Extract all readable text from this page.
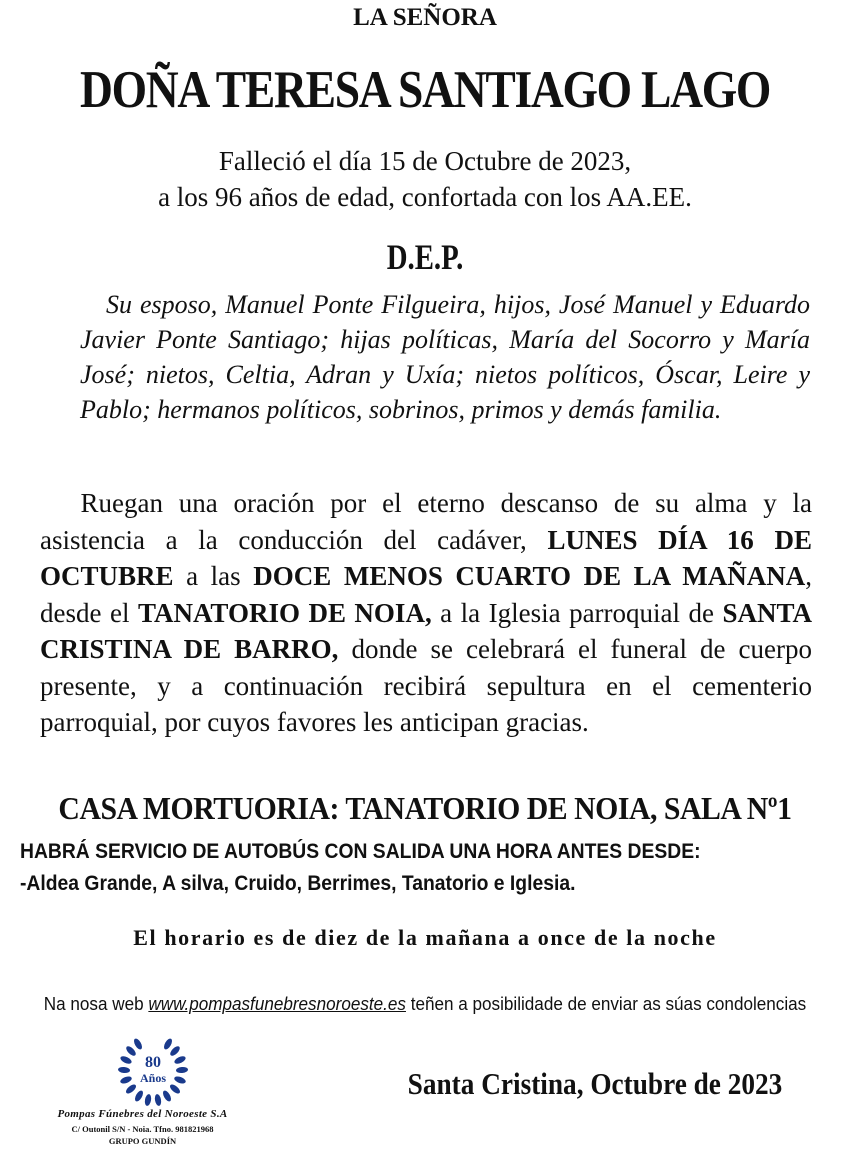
LA SEÑORA
DOÑA TERESA SANTIAGO LAGO
Falleció el día 15 de Octubre de 2023,
a los 96 años de edad, confortada con los AA.EE.
D.E.P.
 Su esposo, Manuel Ponte Filgueira, hijos, José Manuel y Eduardo Javier Ponte Santiago; hijas políticas, María del Socorro y María José; nietos, Celtia, Adran y Uxía; nietos políticos, Óscar, Leire y Pablo; hermanos políticos, sobrinos, primos y demás familia.
  Ruegan una oración por el eterno descanso de su alma y la asistencia a la conducción del cadáver, LUNES DÍA 16 DE OCTUBRE a las DOCE MENOS CUARTO DE LA MAÑANA, desde el TANATORIO DE NOIA, a la Iglesia parroquial de SANTA CRISTINA DE BARRO, donde se celebrará el funeral de cuerpo presente, y a continuación recibirá sepultura en el cementerio parroquial, por cuyos favores les anticipan gracias.
CASA MORTUORIA: TANATORIO DE NOIA, SALA Nº1
HABRÁ SERVICIO DE AUTOBÚS CON SALIDA UNA HORA ANTES DESDE:
-Aldea Grande, A silva, Cruido, Berrimes, Tanatorio e Iglesia.
El horario es de diez de la mañana a once de la noche
Na nosa web www.pompasfunebresnoroeste.es teñen a posibilidade de enviar as súas condolencias
80
Años
Pompas Fúnebres del Noroeste S.A
C/ Outonil S/N - Noia. Tfno. 981821968
GRUPO GUNDÍN
Santa Cristina, Octubre de 2023
